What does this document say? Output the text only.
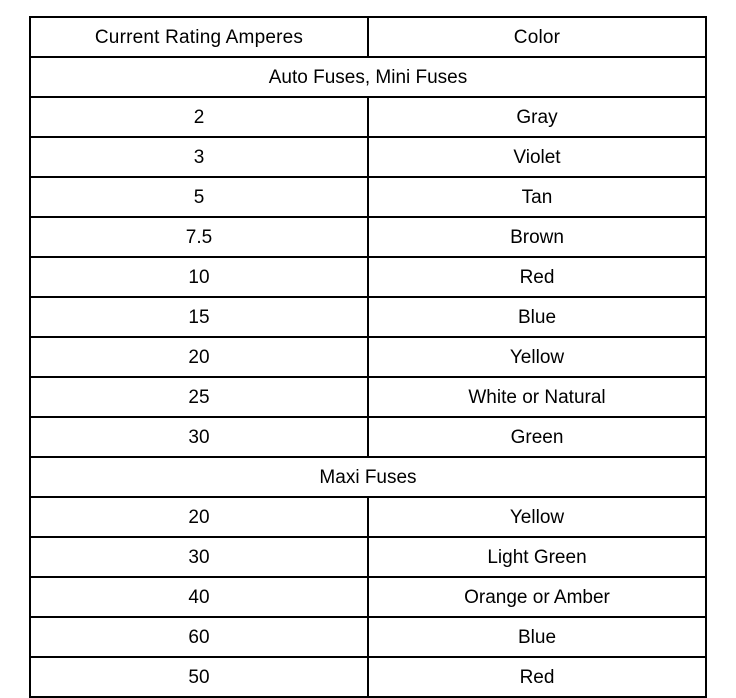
Current Rating Amperes	Color
Auto Fuses, Mini Fuses	
2	Gray
3	Violet
5	Tan
7.5	Brown
10	Red
15	Blue
20	Yellow
25	White or Natural
30	Green
Maxi Fuses	
20	Yellow
30	Light Green
40	Orange or Amber
60	Blue
50	Red
